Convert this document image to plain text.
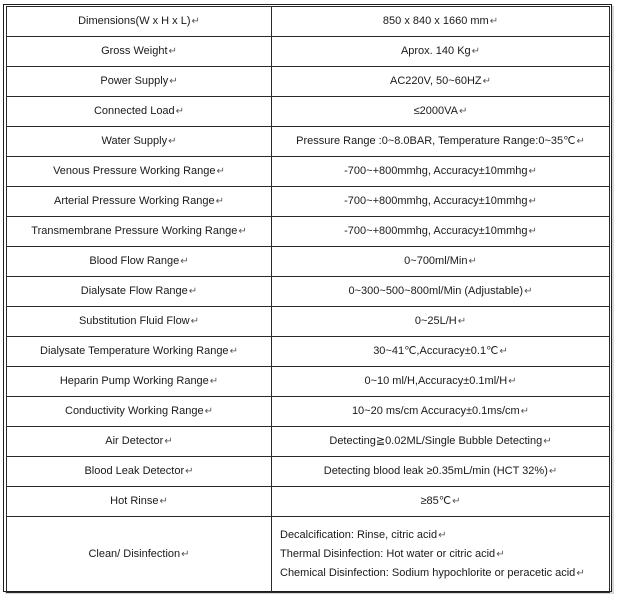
Dimensions(W x H x L)↵	850 x 840 x 1660 mm↵
Gross Weight↵	Aprox. 140 Kg↵
Power Supply↵	AC220V, 50~60HZ↵
Connected Load↵	≤2000VA↵
Water Supply↵	Pressure Range :0~8.0BAR, Temperature Range:0~35℃↵
Venous Pressure Working Range↵	-700~+800mmhg, Accuracy±10mmhg↵
Arterial Pressure Working Range↵	-700~+800mmhg, Accuracy±10mmhg↵
Transmembrane Pressure Working Range↵	-700~+800mmhg, Accuracy±10mmhg↵
Blood Flow Range↵	0~700ml/Min↵
Dialysate Flow Range↵	0~300~500~800ml/Min (Adjustable)↵
Substitution Fluid Flow↵	0~25L/H↵
Dialysate Temperature Working Range↵	30~41℃,Accuracy±0.1℃↵
Heparin Pump Working Range↵	0~10 ml/H,Accuracy±0.1ml/H↵
Conductivity Working Range↵	10~20 ms/cm Accuracy±0.1ms/cm↵
Air Detector↵	Detecting≧0.02ML/Single Bubble Detecting↵
Blood Leak Detector↵	Detecting blood leak ≥0.35mL/min (HCT 32%)↵
Hot Rinse↵	≥85℃↵
Clean/ Disinfection↵	Decalcification: Rinse, citric acid↵
Thermal Disinfection: Hot water or citric acid↵
Chemical Disinfection: Sodium hypochlorite or peracetic acid↵
